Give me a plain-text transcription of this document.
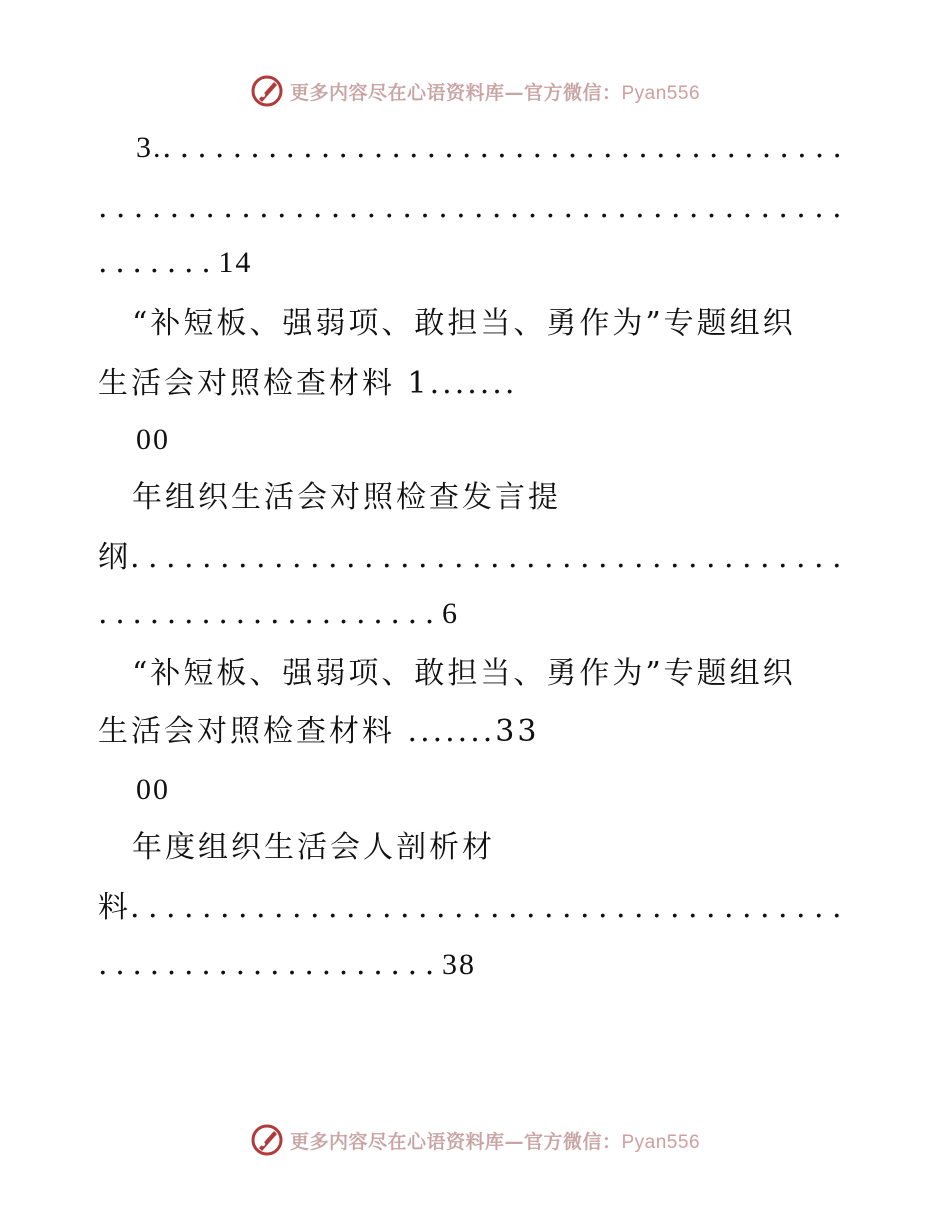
更多内容尽在心语资料库—官方微信：Pyan556
3. . . . . . . . . . . . . . . . . . . . . . . . . . . . . . . . . . . . . . . .
. . . . . . . . . . . . . . . . . . . . . . . . . . . . . . . . . . . . . . . . . .
. . . . . . . 14
“补短板、强弱项、敢担当、勇作为”专题组织
生活会对照检查材料 1.......
00
年组织生活会对照检查发言提
纲 . . . . . . . . . . . . . . . . . . . . . . . . . . . . . . . . . . . . . . . .
. . . . . . . . . . . . . . . . . . . . 6
“补短板、强弱项、敢担当、勇作为”专题组织
生活会对照检查材料 .......33
00
年度组织生活会人剖析材
料 . . . . . . . . . . . . . . . . . . . . . . . . . . . . . . . . . . . . . . . .
. . . . . . . . . . . . . . . . . . . . 38
更多内容尽在心语资料库—官方微信：Pyan556
